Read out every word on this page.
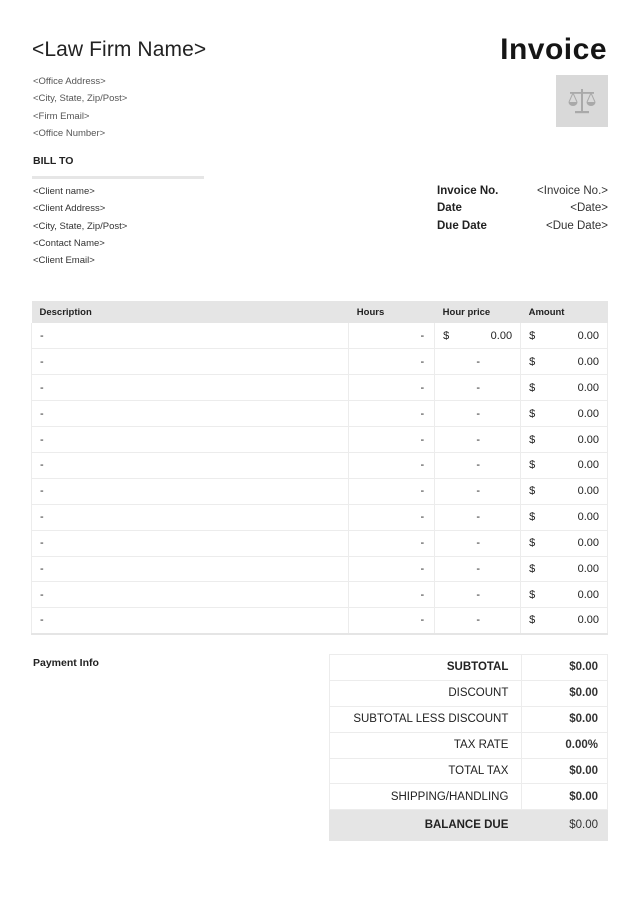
<Law Firm Name>
<Office Address>
<City, State, Zip/Post>
<Firm Email>
<Office Number>
Invoice
BILL TO
<Client name>
<Client Address>
<City, State, Zip/Post>
<Contact Name>
<Client Email>
Invoice No.	<Invoice No.>
Date	<Date>
Due Date	<Due Date>
Description	Hours	Hour price	Amount
-	-	$ 0.00	$ 0.00

-	-	-	$ 0.00

-	-	-	$ 0.00

-	-	-	$ 0.00

-	-	-	$ 0.00

-	-	-	$ 0.00

-	-	-	$ 0.00

-	-	-	$ 0.00

-	-	-	$ 0.00

-	-	-	$ 0.00

-	-	-	$ 0.00

-	-	-	$ 0.00
Payment Info	SUBTOTAL	$0.00
DISCOUNT	$0.00
SUBTOTAL LESS DISCOUNT	$0.00
TAX RATE	0.00%
TOTAL TAX	$0.00
SHIPPING/HANDLING	$0.00
BALANCE DUE	$0.00
